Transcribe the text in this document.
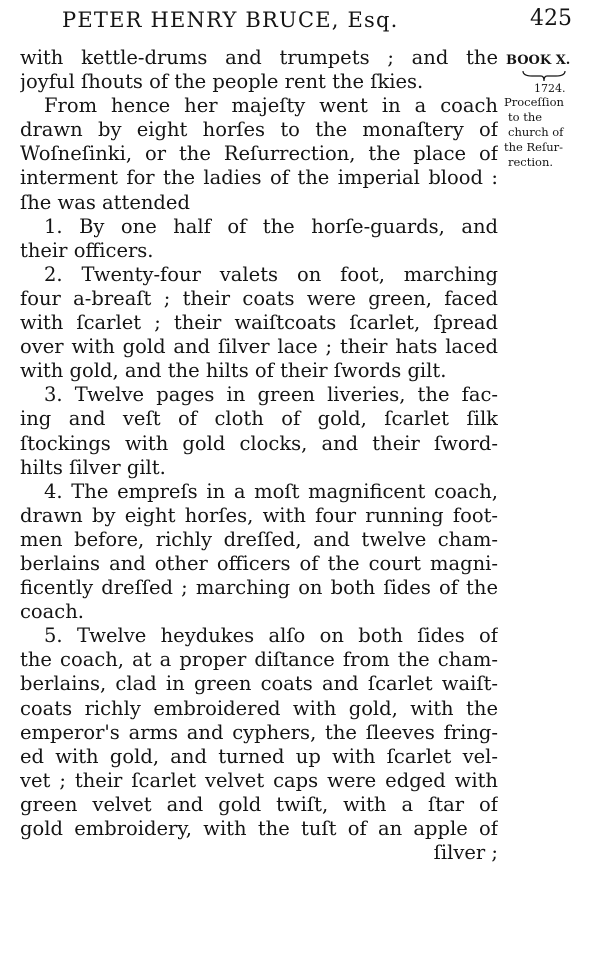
PETER HENRY BRUCE, Esq.	425
BOOK X.
1724.
Proceſſion
to the
church of
the Reſur-
rection.
with kettle-drums and trumpets ; and the
joyful ſhouts of the people rent the ſkies.
From hence her majeſty went in a coach
drawn by eight horſes to the monaſtery of
Woſneſinki, or the Reſurrection, the place of
interment for the ladies of the imperial blood :
ſhe was attended
1. By one half of the horſe-guards, and
their officers.
2. Twenty-four valets on foot, marching
four a-breaſt ; their coats were green, faced
with ſcarlet ; their waiſtcoats ſcarlet, ſpread
over with gold and ſilver lace ; their hats laced
with gold, and the hilts of their ſwords gilt.
3. Twelve pages in green liveries, the fac-
ing and veſt of cloth of gold, ſcarlet ſilk
ſtockings with gold clocks, and their ſword-
hilts ſilver gilt.
4. The empreſs in a moſt magnificent coach,
drawn by eight horſes, with four running foot-
men before, richly dreſſed, and twelve cham-
berlains and other officers of the court magni-
ficently dreſſed ; marching on both ſides of the
coach.
5. Twelve heydukes alſo on both ſides of
the coach, at a proper diſtance from the cham-
berlains, clad in green coats and ſcarlet waiſt-
coats richly embroidered with gold, with the
emperor's arms and cyphers, the ſleeves fring-
ed with gold, and turned up with ſcarlet vel-
vet ; their ſcarlet velvet caps were edged with
green velvet and gold twiſt, with a ſtar of
gold embroidery, with the tuſt of an apple of
ſilver ;
